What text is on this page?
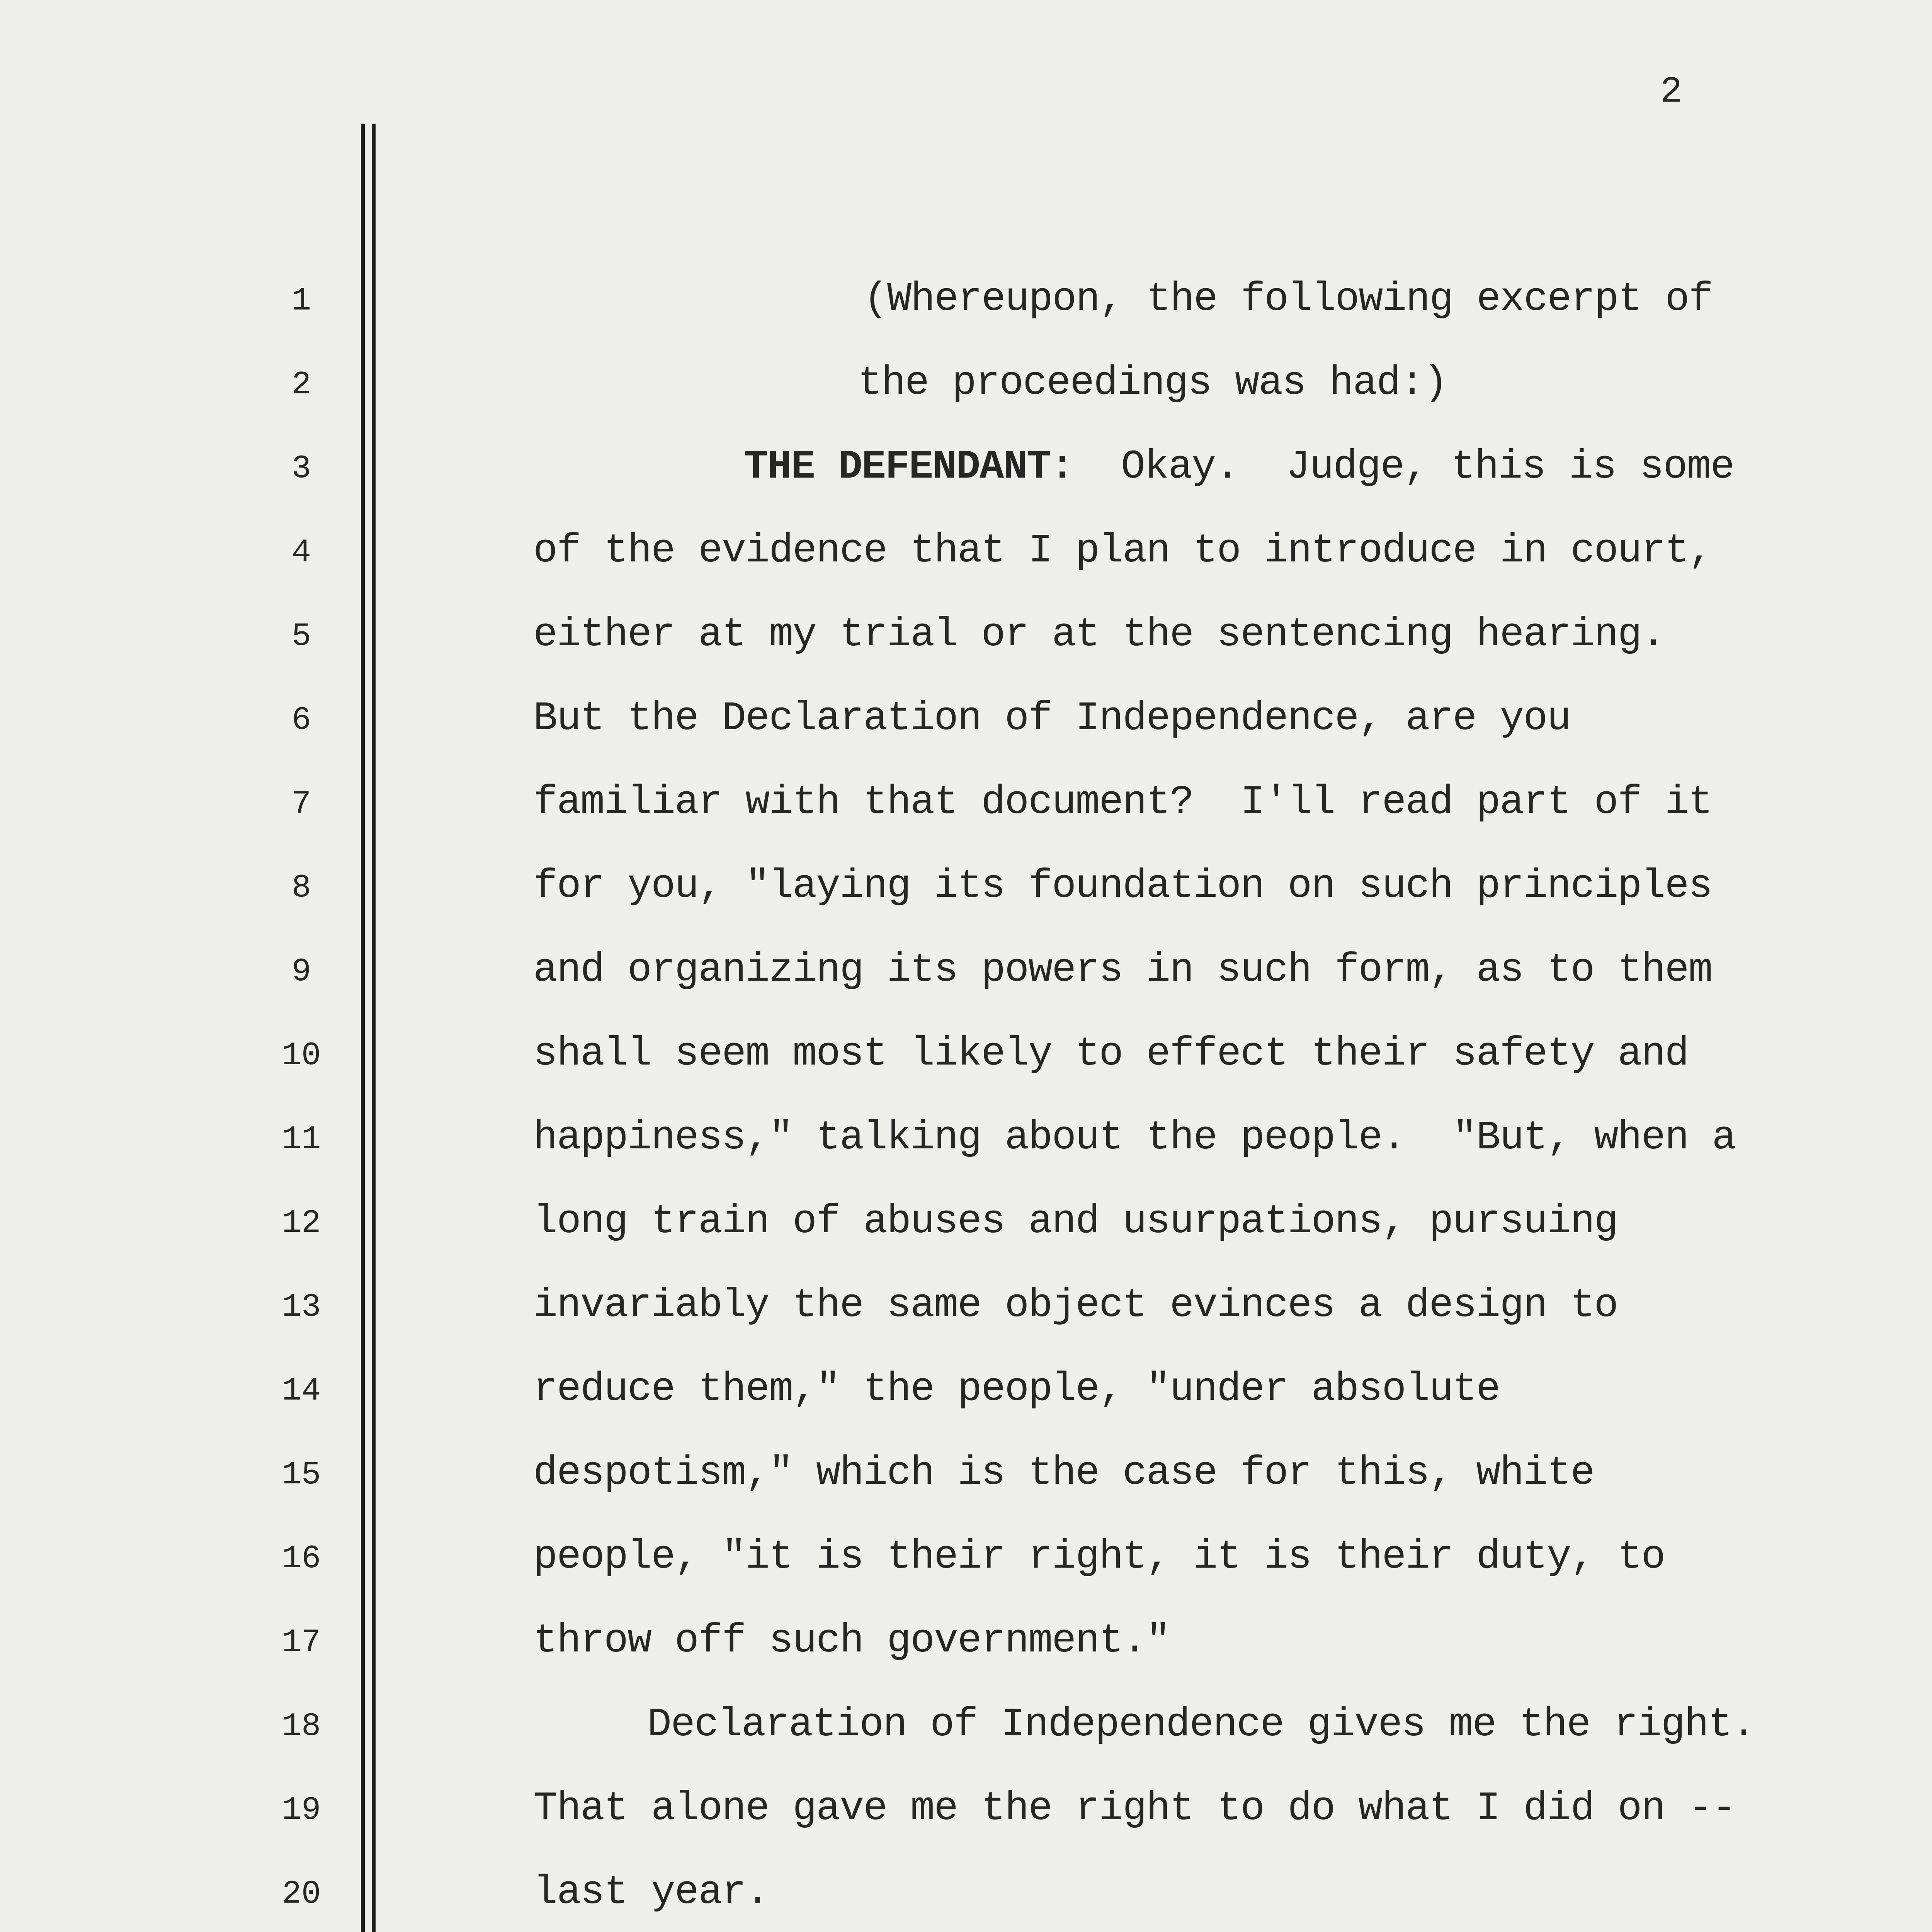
2
1
2
3
4
5
6
7
8
9
10
11
12
13
14
15
16
17
18
19
20
(Whereupon, the following excerpt of
the proceedings was had:)
THE DEFENDANT:  Okay.  Judge, this is some
of the evidence that I plan to introduce in court,
either at my trial or at the sentencing hearing.
But the Declaration of Independence, are you
familiar with that document?  I'll read part of it
for you, "laying its foundation on such principles
and organizing its powers in such form, as to them
shall seem most likely to effect their safety and
happiness," talking about the people.  "But, when a
long train of abuses and usurpations, pursuing
invariably the same object evinces a design to
reduce them," the people, "under absolute
despotism," which is the case for this, white
people, "it is their right, it is their duty, to
throw off such government."
Declaration of Independence gives me the right.
That alone gave me the right to do what I did on --
last year.
